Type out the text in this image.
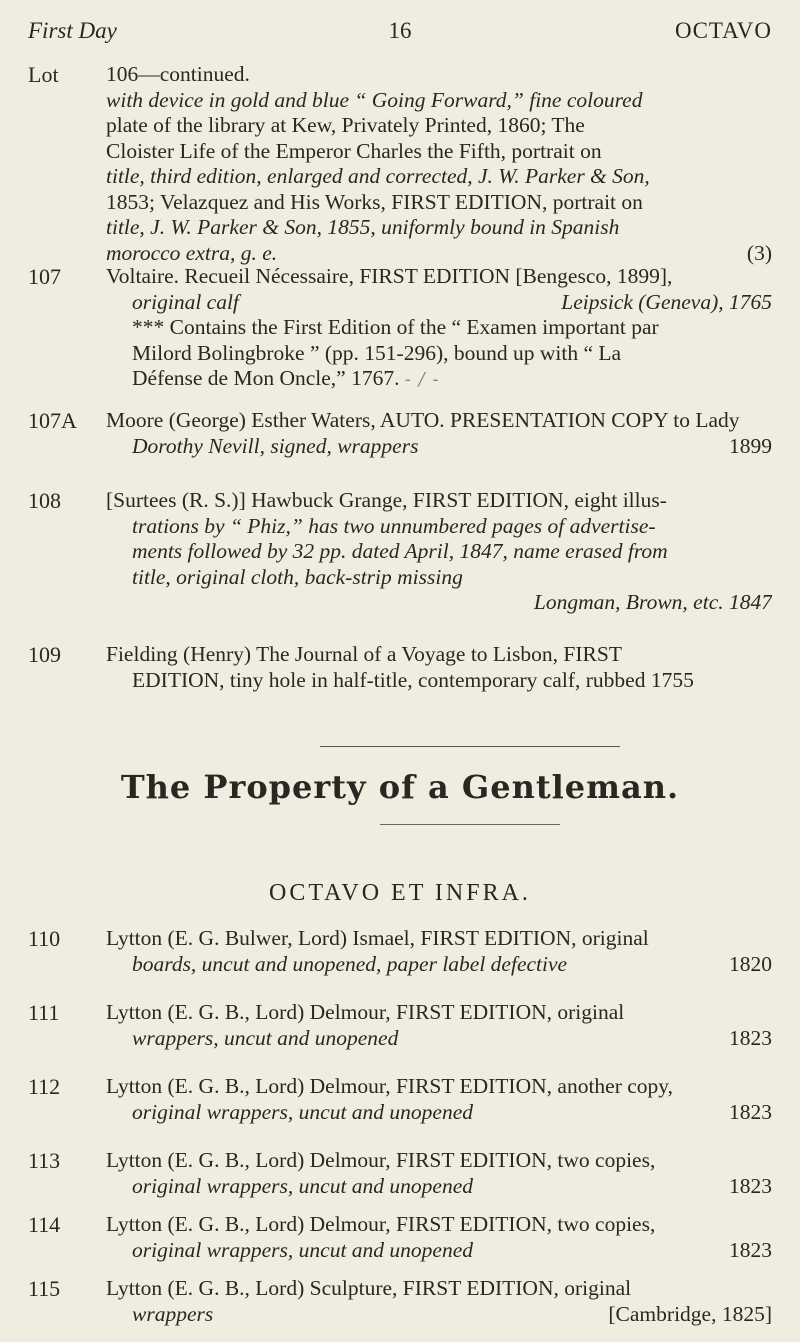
First Day	16	OCTAVO
Lot	106—continued.
with device in gold and blue “ Going Forward,” fine coloured
plate of the library at Kew, Privately Printed, 1860; The
Cloister Life of the Emperor Charles the Fifth, portrait on
title, third edition, enlarged and corrected, J. W. Parker & Son,
1853; Velazquez and His Works, FIRST EDITION, portrait on
title, J. W. Parker & Son, 1855, uniformly bound in Spanish
morocco extra, g. e.	(3)
107	Voltaire. Recueil Nécessaire, FIRST EDITION [Bengesco, 1899],
original calf	Leipsick (Geneva), 1765
*** Contains the First Edition of the “ Examen important par
Milord Bolingbroke ” (pp. 151-296), bound up with “ La
Défense de Mon Oncle,” 1767. - / -
107A	Moore (George) Esther Waters, AUTO. PRESENTATION COPY to Lady
Dorothy Nevill, signed, wrappers	1899
108	[Surtees (R. S.)] Hawbuck Grange, FIRST EDITION, eight illus-
trations by “ Phiz,” has two unnumbered pages of advertise-
ments followed by 32 pp. dated April, 1847, name erased from
title, original cloth, back-strip missing
Longman, Brown, etc. 1847
109	Fielding (Henry) The Journal of a Voyage to Lisbon, FIRST
EDITION, tiny hole in half-title, contemporary calf, rubbed 1755
The Property of a Gentleman.
OCTAVO ET INFRA.
110	Lytton (E. G. Bulwer, Lord) Ismael, FIRST EDITION, original
boards, uncut and unopened, paper label defective	1820
111	Lytton (E. G. B., Lord) Delmour, FIRST EDITION, original
wrappers, uncut and unopened	1823
112	Lytton (E. G. B., Lord) Delmour, FIRST EDITION, another copy,
original wrappers, uncut and unopened	1823
113	Lytton (E. G. B., Lord) Delmour, FIRST EDITION, two copies,
original wrappers, uncut and unopened	1823
114	Lytton (E. G. B., Lord) Delmour, FIRST EDITION, two copies,
original wrappers, uncut and unopened	1823
115	Lytton (E. G. B., Lord) Sculpture, FIRST EDITION, original
wrappers	[Cambridge, 1825]
